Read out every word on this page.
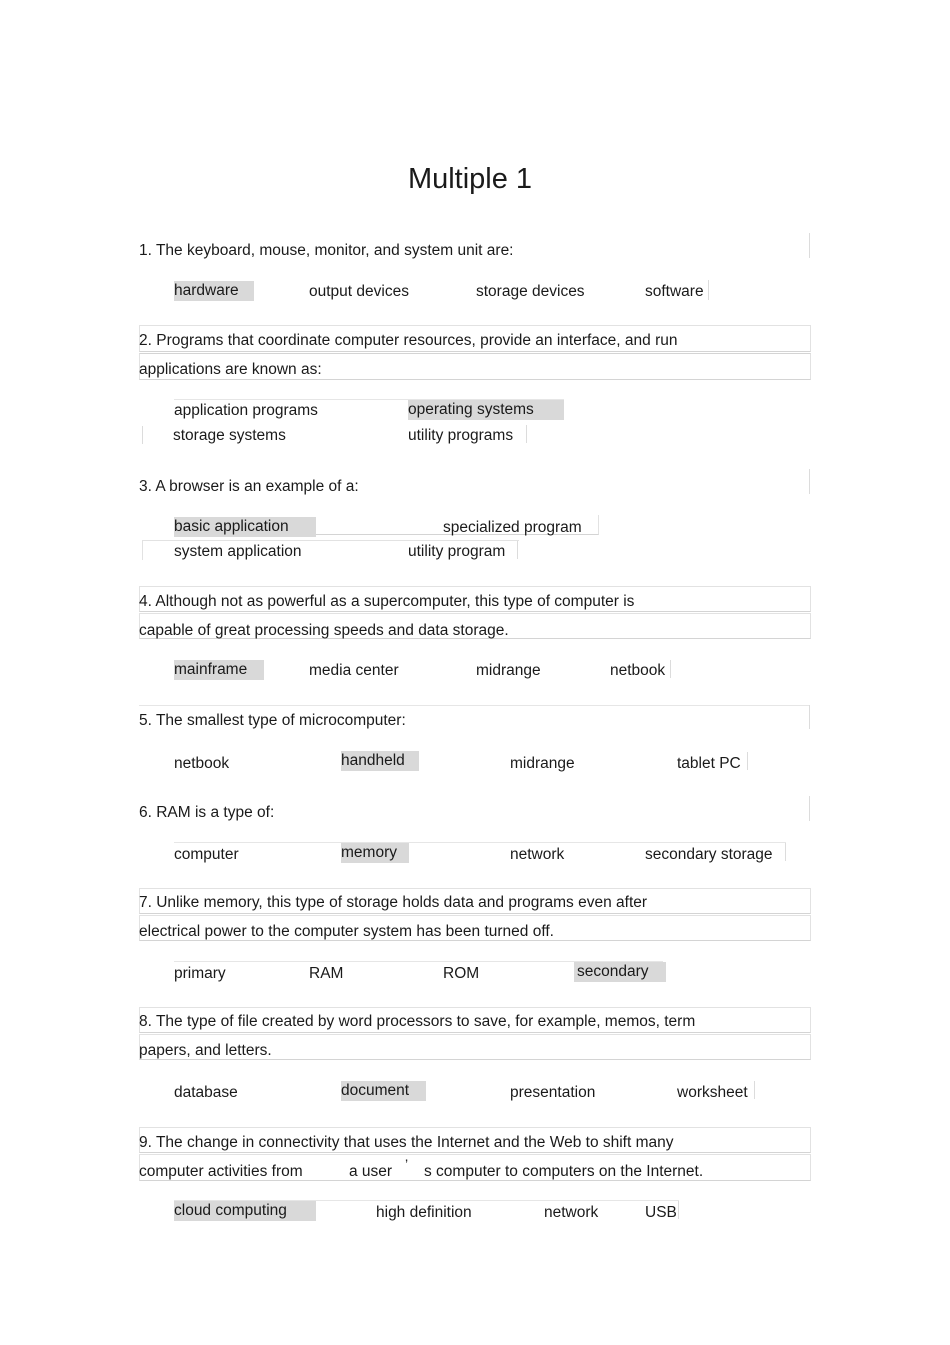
Multiple 1
1. The keyboard, mouse, monitor, and system unit are:
hardware	output devices	storage devices	software
2. Programs that coordinate computer resources, provide an interface, and run
applications are known as:
application programs	operating systems
storage systems	utility programs
3. A browser is an example of a:
basic application	specialized program
system application	utility program
4. Although not as powerful as a supercomputer, this type of computer is
capable of great processing speeds and data storage.
mainframe	media center	midrange	netbook
5. The smallest type of microcomputer:
netbook	handheld	midrange	tablet PC
6. RAM is a type of:
computer	memory	network	secondary storage
7. Unlike memory, this type of storage holds data and programs even after
electrical power to the computer system has been turned off.
primary	RAM	ROM	secondary
8. The type of file created by word processors to save, for example, memos, term
papers, and letters.
database	document	presentation	worksheet
9. The change in connectivity that uses the Internet and the Web to shift many
computer activities from	a user ’ s computer to computers on the Internet.
cloud computing	high definition	network	USB
